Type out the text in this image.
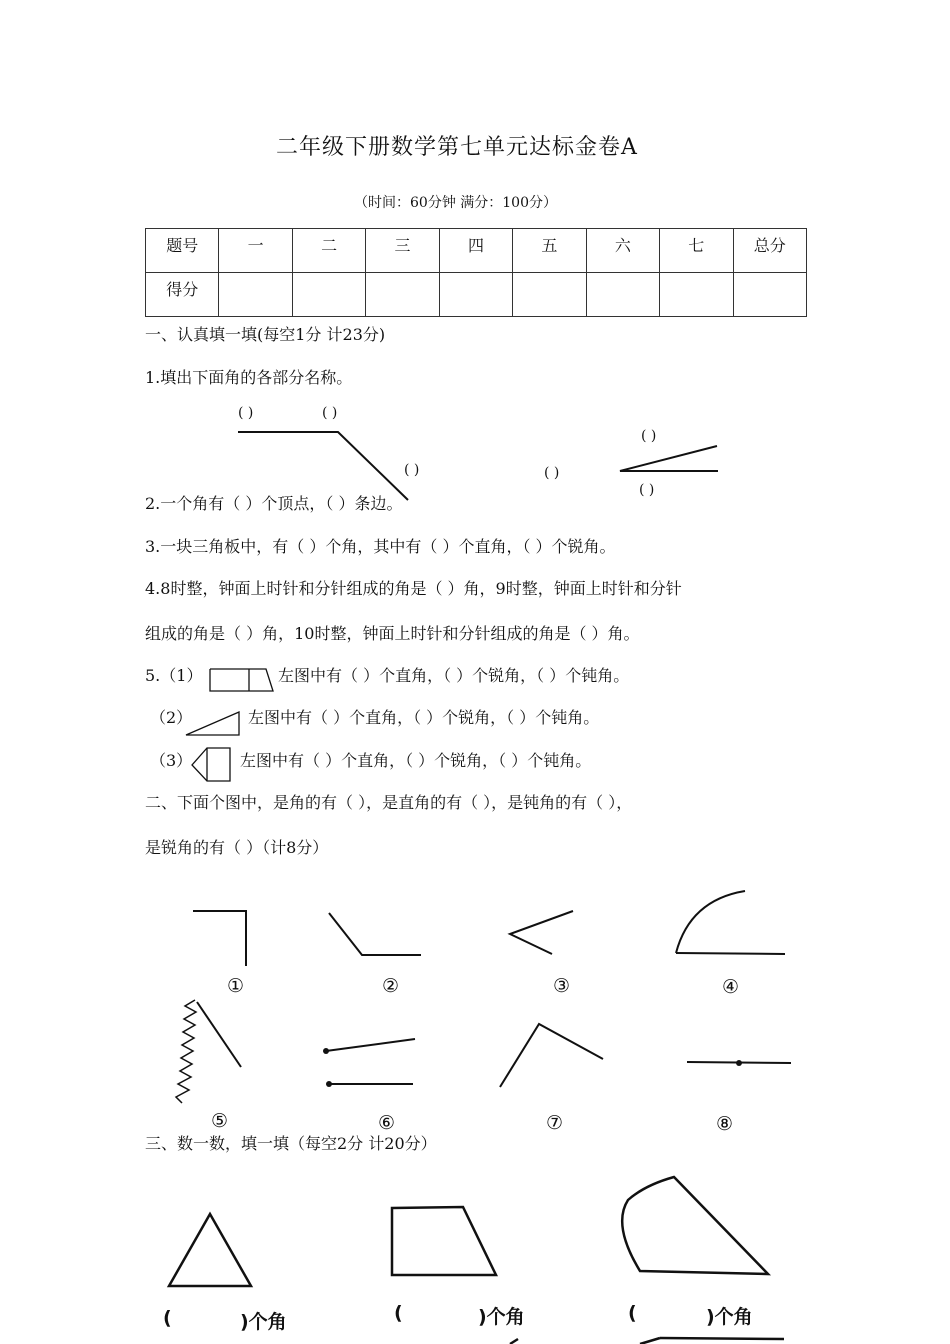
二年级下册数学第七单元达标金卷A
（时间：60分钟 满分：100分）
题号	一	二	三	四	五	六	七	总分
得分								
一、认真填一填(每空1分 计23分)
1.填出下面角的各部分名称。
( )	( )
( )
( )
( )
( )
2.一个角有（ ）个顶点，（ ）条边。
3.一块三角板中，有（ ）个角，其中有（ ）个直角，（ ）个锐角。
4.8时整，钟面上时针和分针组成的角是（ ）角，9时整，钟面上时针和分针
组成的角是（ ）角，10时整，钟面上时针和分针组成的角是（ ）角。
5.（1）	左图中有（ ）个直角，（ ）个锐角，（ ）个钝角。
（2）	左图中有（ ）个直角，（ ）个锐角，（ ）个钝角。
（3）	左图中有（ ）个直角，（ ）个锐角，（ ）个钝角。
二、下面个图中，是角的有（ ），是直角的有（ ），是钝角的有（ ），
是锐角的有（ ）（计8分）
①	②	③	④
⑤	⑥	⑦	⑧
三、数一数，填一填（每空2分 计20分）
(	)个角	(	)个角	(	)个角
